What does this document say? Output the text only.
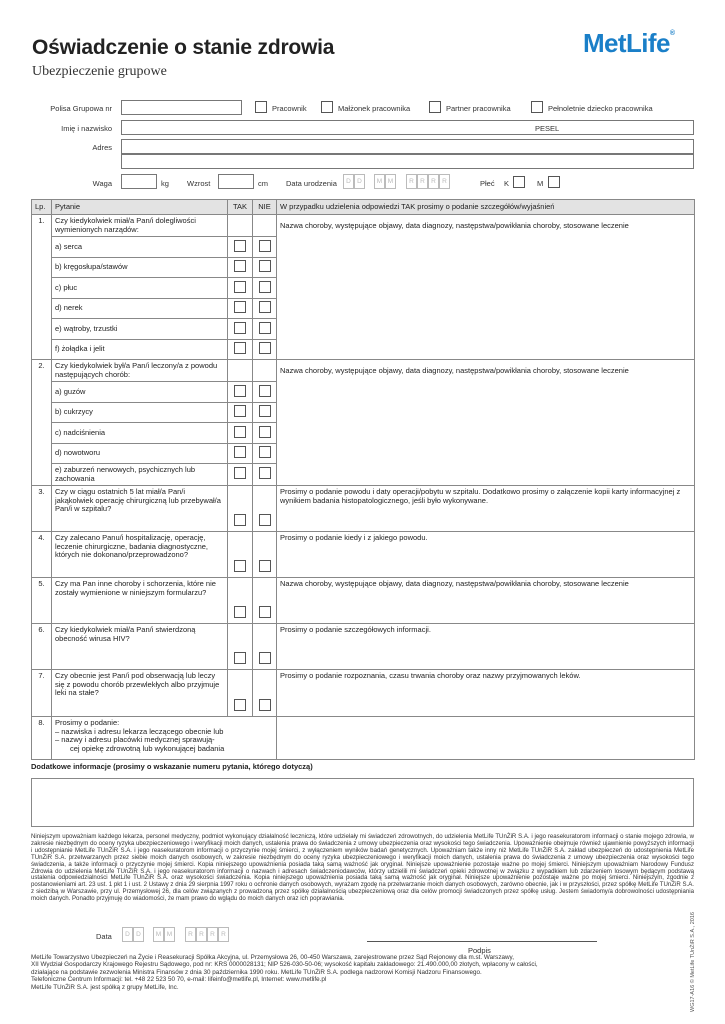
Oświadczenie o stanie zdrowia
Ubezpieczenie grupowe
MetLife®
Polisa Grupowa nr	Pracownik	Małżonek pracownika	Partner pracownika	Pełnoletnie dziecko pracownika
Imię i nazwisko	PESEL
Adres
Waga	kg Wzrost	cm Data urodzenia	D D	M M	R R R R	Płeć K	M
Lp.	Pytanie	TAK	NIE	W przypadku udzielenia odpowiedzi TAK prosimy o podanie szczegółów/wyjaśnień
1.	Czy kiedykolwiek miał/a Pan/i dolegliwości wymienionych narządów:			Nazwa choroby, występujące objawy, data diagnozy, następstwa/powikłania choroby, stosowane leczenie

	a) serca			
	b) kręgosłupa/stawów			
	c) płuc			
	d) nerek			
	e) wątroby, trzustki			
	f) żołądka i jelit			
2.	Czy kiedykolwiek był/a Pan/i leczony/a z powodu następujących chorób:			Nazwa choroby, występujące objawy, data diagnozy, następstwa/powikłania choroby, stosowane leczenie

	a) guzów			
	b) cukrzycy			
	c) nadciśnienia			
	d) nowotworu			
	e) zaburzeń nerwowych, psychicznych lub zachowania			
3.	Czy w ciągu ostatnich 5 lat miał/a Pan/i jakąkolwiek operację chirurgiczną lub przebywał/a Pan/i w szpitalu?			Prosimy o podanie powodu i daty operacji/pobytu w szpitalu. Dodatkowo prosimy o załączenie kopii karty informacyjnej z wynikiem badania histopatologicznego, jeśli było wykonywane.

4.	Czy zalecano Panu/i hospitalizację, operację, leczenie chirurgiczne, badania diagnostyczne, których nie dokonano/przeprowadzono?			Prosimy o podanie kiedy i z jakiego powodu.

5.	Czy ma Pan inne choroby i schorzenia, które nie zostały wymienione w niniejszym formularzu?			Nazwa choroby, występujące objawy, data diagnozy, następstwa/powikłania choroby, stosowane leczenie

6.	Czy kiedykolwiek miał/a Pan/i stwierdzoną obecność wirusa HIV?			Prosimy o podanie szczegółowych informacji.

7.	Czy obecnie jest Pan/i pod obserwacją lub leczy się z powodu chorób przewlekłych albo przyjmuje leki na stałe?			Prosimy o podanie rozpoznania, czasu trwania choroby oraz nazwy przyjmowanych leków.

8.	Prosimy o podanie:
– nazwiska i adresu lekarza leczącego obecnie lub
– nazwy i adresu placówki medycznej sprawują-
cej opiekę zdrowotną lub wykonującej badania			

Dodatkowe informacje (prosimy o wskazanie numeru pytania, którego dotyczą)
Niniejszym upoważniam każdego lekarza, personel medyczny, podmiot wykonujący działalność leczniczą, które udzielały mi świadczeń zdrowotnych, do udzielenia MetLife TUnŻiR S.A. i jego reasekuratorom informacji o stanie mojego zdrowia, w zakresie niezbędnym do oceny ryzyka ubezpieczeniowego i weryfikacji moich danych, ustalenia prawa do świadczenia z umowy ubezpieczenia oraz wysokości tego świadczenia. Upoważnienie obejmuje również ujawnienie powyższych informacji i udostępnianie MetLife TUnŻiR S.A. i jego reasekuratorom informacji o przyczynie mojej śmierci, z wyłączeniem wyników badań genetycznych. Upoważniam także inny niż MetLife TUnŻiR S.A. zakład ubezpieczeń do udostępnienia MetLife TUnŻiR S.A. przetwarzanych przez siebie moich danych osobowych, w zakresie niezbędnym do oceny ryzyka ubezpieczeniowego i weryfikacji moich danych, ustalenia prawa do świadczenia z umowy ubezpieczenia oraz wysokości tego świadczenia, a także informacji o przyczynie mojej śmierci. Kopia niniejszego upoważnienia posiada taką samą ważność jak oryginał. Niniejsze upoważnienie pozostaje ważne po mojej śmierci. Niniejszym upoważniam Narodowy Fundusz Zdrowia do udzielenia MetLife TUnŻiR S.A. i jego reasekuratorom informacji o nazwach i adresach świadczeniodawców, którzy udzielili mi świadczeń opieki zdrowotnej w związku z wypadkiem lub zdarzeniem losowym będącym podstawą ustalenia odpowiedzialności MetLife TUnŻiR S.A. oraz wysokości świadczenia. Kopia niniejszego upoważnienia posiada taką samą ważność jak oryginał. Niniejsze upoważnienie pozostaje ważne po mojej śmierci. Niniejszym, zgodnie z postanowieniami art. 23 ust. 1 pkt 1 i ust. 2 Ustawy z dnia 29 sierpnia 1997 roku o ochronie danych osobowych, wyrażam zgodę na przetwarzanie moich danych osobowych, zarówno obecnie, jak i w przyszłości, przez spółkę MetLife TUnŻiR S.A. z siedzibą w Warszawie, przy ul. Przemysłowej 26, dla celów związanych z prowadzoną przez spółkę działalnością ubezpieczeniową oraz dla celów promocji świadczonych przez spółkę usług. Jestem świadomy/a dobrowolności udostępniania moich danych. Ponadto przyjmuję do wiadomości, że mam prawo do wglądu do moich danych oraz ich poprawiania.
Data	D D	M M	R R R R
Podpis
MetLife Towarzystwo Ubezpieczeń na Życie i Reasekuracji Spółka Akcyjna, ul. Przemysłowa 26, 00-450 Warszawa, zarejestrowane przez Sąd Rejonowy dla m.st. Warszawy,
XII Wydział Gospodarczy Krajowego Rejestru Sądowego, pod nr: KRS 0000028131; NIP 526-030-50-06; wysokość kapitału zakładowego: 21.490.000,00 złotych, wpłacony w całości,
działające na podstawie zezwolenia Ministra Finansów z dnia 30 października 1990 roku. MetLife TUnŻiR S.A. podlega nadzorowi Komisji Nadzoru Finansowego.
Telefoniczne Centrum Informacji: tel. +48 22 523 50 70, e-mail: lifeinfo@metlife.pl, Internet: www.metlife.pl
MetLife TUnŻiR S.A. jest spółką z grupy MetLife, Inc.	WG17-A16 © MetLife TUnŻiR S.A., 2016
